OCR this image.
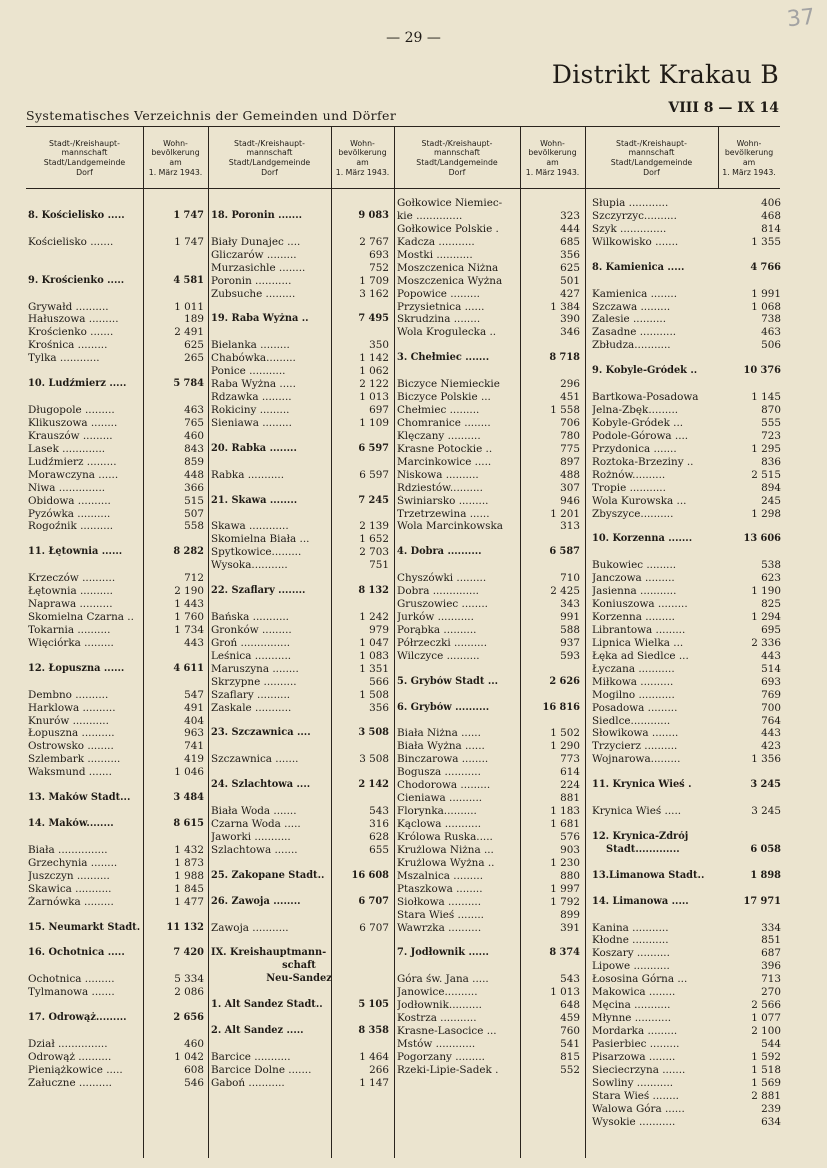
— 29 —
37
Distrikt Krakau B
VIII 8 — IX 14
Systematisches Verzeichnis der Gemeinden und Dörfer
Stadt-/Kreishaupt-
mannschaft
Stadt/Landgemeinde
Dorf
Wohn-
bevölkerung
am
1. März 1943.
Stadt-/Kreishaupt-
mannschaft
Stadt/Landgemeinde
Dorf
Wohn-
bevölkerung
am
1. März 1943.
Stadt-/Kreishaupt-
mannschaft
Stadt/Landgemeinde
Dorf
Wohn-
bevölkerung
am
1. März 1943.
Stadt-/Kreishaupt-
mannschaft
Stadt/Landgemeinde
Dorf
Wohn-
bevölkerung
am
1. März 1943.
8. Kościelisko .....	1 747
Kościelisko .......	1 747
9. Krościenko .....	4 581
Grywałd ..........	1 011
Hałuszowa .........	189
Krościenko .......	2 491
Krośnica .........	625
Tylka ............	265
10. Ludźmierz .....	5 784
Długopole .........	463
Klikuszowa ........	765
Krauszów .........	460
Lasek .............	843
Ludźmierz .........	859
Morawczyna ......	448
Niwa ..............	366
Obidowa ..........	515
Pyzówka ..........	507
Rogoźnik ..........	558
11. Łętownia ......	8 282
Krzeczów ..........	712
Łętownia ..........	2 190
Naprawa ..........	1 443
Skomielna Czarna ..	1 760
Tokarnia ..........	1 734
Więciórka .........	443
12. Łopuszna ......	4 611
Dembno ..........	547
Harklowa ..........	491
Knurów ...........	404
Łopuszna ..........	963
Ostrowsko ........	741
Szlembark ..........	419
Waksmund .......	1 046
13. Maków Stadt...	3 484
14. Maków........	8 615
Biała ...............	1 432
Grzechynia ........	1 873
Juszczyn ..........	1 988
Skawica ...........	1 845
Żarnówka .........	1 477
15. Neumarkt Stadt.	11 132
16. Ochotnica .....	7 420
Ochotnica .........	5 334
Tylmanowa .......	2 086
17. Odrowąż.........	2 656
Dział ...............	460
Odrowąż ..........	1 042
Pieniążkowice .....	608
Załuczne ..........	546
18. Poronin .......	9 083
Biały Dunajec ....	2 767
Gliczarów .........	693
Murzasichle ........	752
Poronin ...........	1 709
Zubsuche .........	3 162
19. Raba Wyżna ..	7 495
Bielanka .........	350
Chabówka.........	1 142
Ponice ...........	1 062
Raba Wyżna .....	2 122
Rdzawka .........	1 013
Rokiciny .........	697
Sieniawa .........	1 109
20. Rabka ........	6 597
Rabka ...........	6 597
21. Skawa ........	7 245
Skawa ............	2 139
Skomielna Biała ...	1 652
Spytkowice.........	2 703
Wysoka...........	751
22. Szaflary ........	8 132
Bańska ...........	1 242
Gronków .........	979
Groń ...............	1 047
Leśnica ...........	1 083
Maruszyna ........	1 351
Skrzypne ..........	566
Szaflary ..........	1 508
Zaskale ...........	356
23. Szczawnica ....	3 508
Szczawnica .......	3 508
24. Szlachtowa ....	2 142
Biała Woda .......	543
Czarna Woda .....	316
Jaworki ...........	628
Szlachtowa .......	655
25. Zakopane Stadt..	16 608
26. Zawoja ........	6 707
Zawoja ...........	6 707
IX. Kreishauptmann-
schaft
Neu-Sandez
1. Alt Sandez Stadt..	5 105
2. Alt Sandez .....	8 358
Barcice ...........	1 464
Barcice Dolne .......	266
Gaboń ...........	1 147
Gołkowice Niemiec-
kie ..............	323
Gołkowice Polskie .	444
Kadcza ...........	685
Mostki ...........	356
Moszczenica Niżna	625
Moszczenica Wyżna	501
Popowice .........	427
Przysietnica ......	1 384
Skrudzina ........	390
Wola Krogulecka ..	346
3. Chełmiec .......	8 718
Biczyce Niemieckie	296
Biczyce Polskie ...	451
Chełmiec .........	1 558
Chomranice ........	706
Klęczany ..........	780
Krasne Potockie ..	775
Marcinkowice .....	897
Niskowa ..........	488
Rdziestów..........	307
Świniarsko .........	946
Trzetrzewina ......	1 201
Wola Marcinkowska	313
4. Dobra ..........	6 587
Chyszówki .........	710
Dobra ..............	2 425
Gruszowiec ........	343
Jurków ...........	991
Porąbka ..........	588
Półrzeczki ..........	937
Wilczyce ..........	593
5. Grybów Stadt ...	2 626
6. Grybów ..........	16 816
Biała Niżna ......	1 502
Biała Wyżna ......	1 290
Binczarowa ........	773
Bogusza ...........	614
Chodorowa .........	224
Cieniawa ..........	881
Florynka..........	1 183
Kąclowa ...........	1 681
Królowa Ruska.....	576
Krużlowa Niżna ...	903
Krużlowa Wyżna ..	1 230
Mszalnica .........	880
Ptaszkowa ........	1 997
Siołkowa ..........	1 792
Stara Wieś ........	899
Wawrzka ..........	391
7. Jodłownik ......	8 374
Góra św. Jana .....	543
Janowice..........	1 013
Jodłownik..........	648
Kostrza ...........	459
Krasne-Lasocice ...	760
Mstów ............	541
Pogorzany .........	815
Rzeki-Lipie-Sadek .	552
Słupia ............	406
Szczyrzyc..........	468
Szyk ..............	814
Wilkowisko .......	1 355
8. Kamienica .....	4 766
Kamienica ........	1 991
Szczawa .........	1 068
Zalesie ..........	738
Zasadne ...........	463
Zbłudza...........	506
9. Kobyle-Gródek ..	10 376
Bartkowa-Posadowa	1 145
Jelna-Zbęk.........	870
Kobyle-Gródek ...	555
Podole-Górowa ....	723
Przydonica .......	1 295
Roztoka-Brzeziny ..	836
Rożnów..........	2 515
Tropie ...........	894
Wola Kurowska ...	245
Zbyszyce..........	1 298
10. Korzenna .......	13 606
Bukowiec .........	538
Janczowa .........	623
Jasienna ...........	1 190
Koniuszowa .........	825
Korzenna .........	1 294
Librantowa .........	695
Lipnica Wielka ...	2 336
Łęka ad Siedlce ...	443
Łyczana ...........	514
Miłkowa ..........	693
Mogilno ...........	769
Posadowa .........	700
Siedlce............	764
Słowikowa ........	443
Trzycierz ..........	423
Wojnarowa.........	1 356
11. Krynica Wieś .	3 245
Krynica Wieś .....	3 245
12. Krynica-Zdrój
Stadt.............	6 058
13.Limanowa Stadt..	1 898
14. Limanowa .....	17 971
Kanina ...........	334
Kłodne ...........	851
Koszary ..........	687
Lipowe ...........	396
Łososina Górna ...	713
Makowica ........	270
Męcina ...........	2 566
Młynne ...........	1 077
Mordarka .........	2 100
Pasierbiec .........	544
Pisarzowa ........	1 592
Sieciecrzyna .......	1 518
Sowliny ...........	1 569
Stara Wieś ........	2 881
Walowa Góra ......	239
Wysokie ...........	634
